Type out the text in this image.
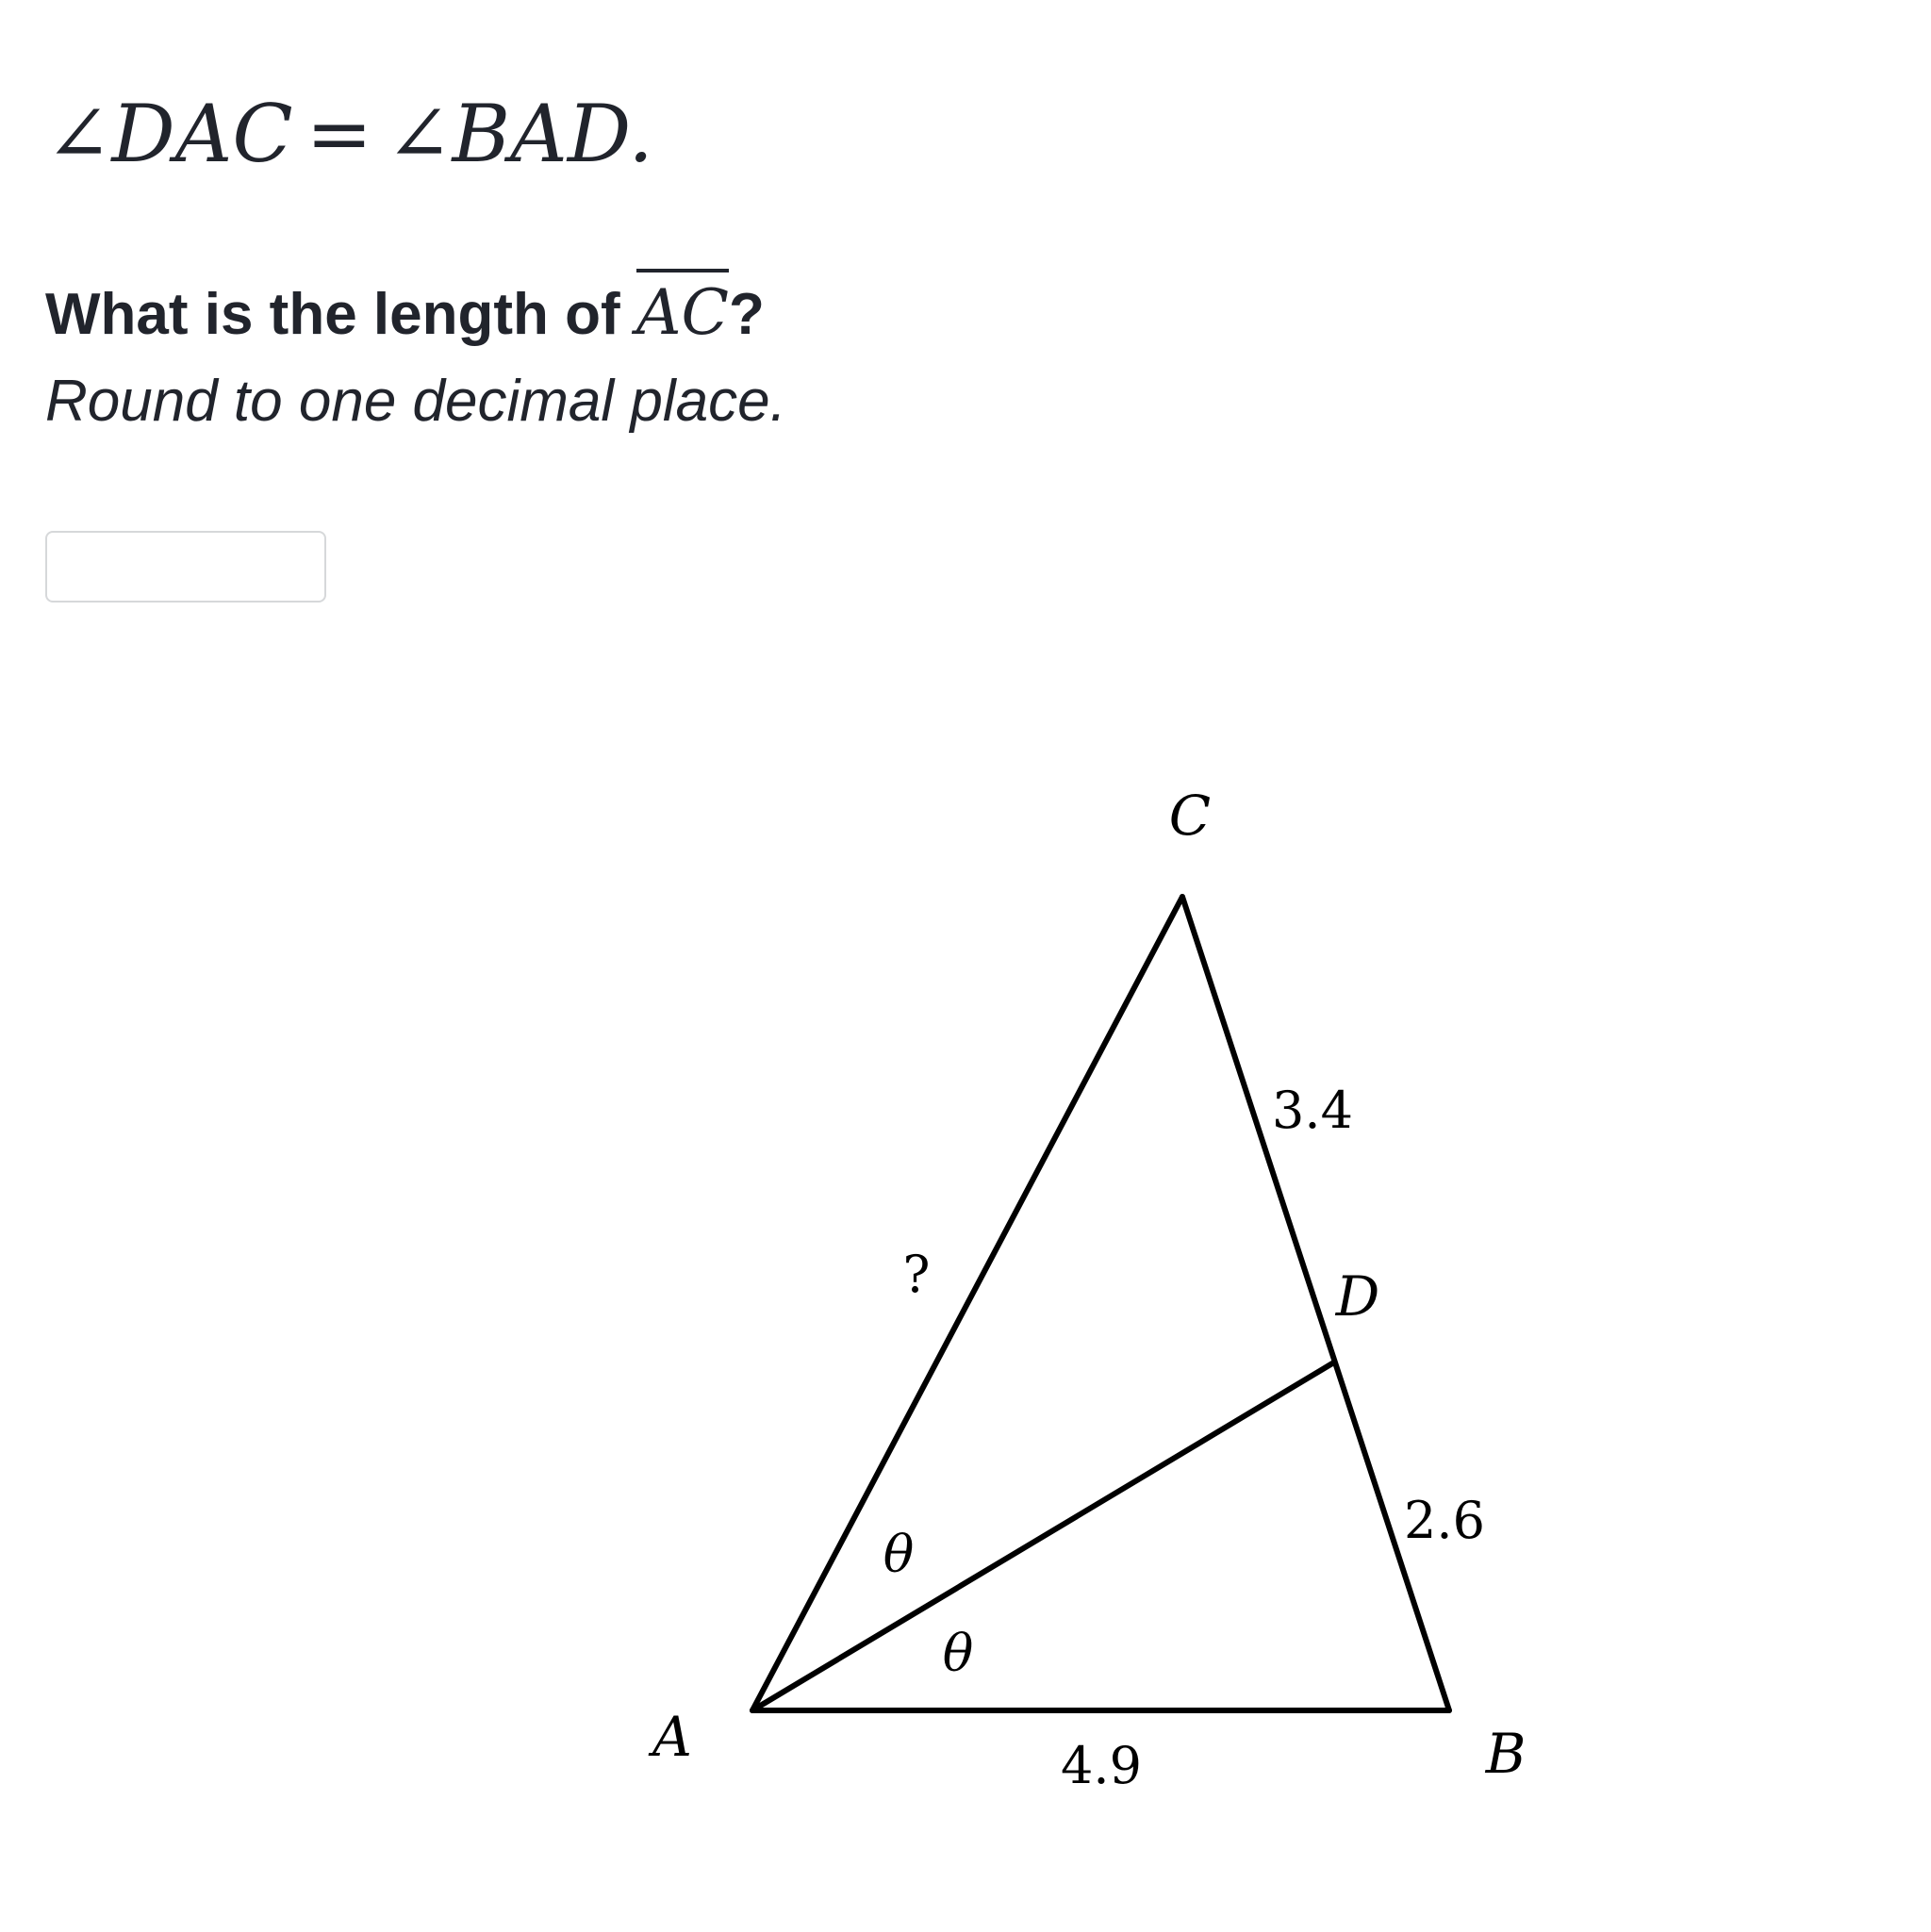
∠DAC = ∠BAD.
What is the length of AC?
Round to one decimal place.
C
D
A	B
3.4
2.6
4.9
?
θ
θ
